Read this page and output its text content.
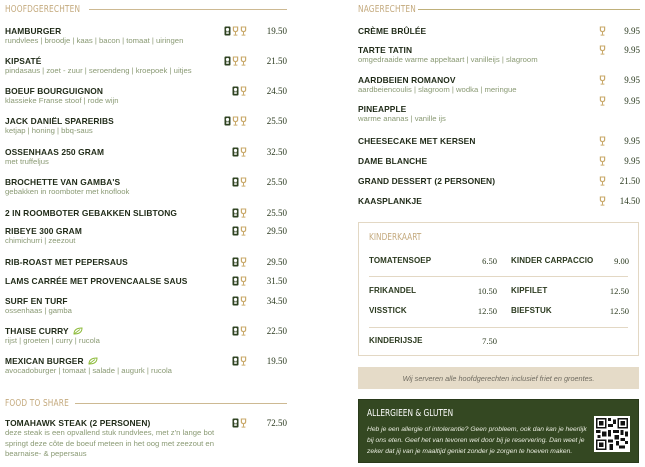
HOOFDGERECHTEN
HAMBURGER
rundvlees | broodje | kaas | bacon | tomaat | uiringen
19.50
KIPSATÉ
pindasaus | zoet - zuur | seroendeng | kroepoek | uitjes
21.50
BOEUF BOURGUIGNON
klassieke Franse stoof | rode wijn
24.50
JACK DANIËL SPARERIBS
ketjap | honing | bbq-saus
25.50
OSSENHAAS 250 GRAM
met truffeljus
32.50
BROCHETTE VAN GAMBA'S
gebakken in roomboter met knoflook
25.50
2 IN ROOMBOTER GEBAKKEN SLIBTONG	25.50
RIBEYE 300 GRAM
chimichurri | zeezout
29.50
RIB-ROAST MET PEPERSAUS	29.50
LAMS CARRÉE MET PROVENCAALSE SAUS	31.50
SURF EN TURF
ossenhaas | gamba
34.50
THAISE CURRY
rijst | groeten | curry | rucola
22.50
MEXICAN BURGER
avocadoburger | tomaat | salade | augurk | rucola
19.50
FOOD TO SHARE
TOMAHAWK STEAK (2 PERSONEN)
deze steak is een opvallend stuk rundvlees, met z'n lange bot springt deze côte de boeuf meteen in het oog met zeezout en bearnaise- & pepersaus
72.50
NAGERECHTEN
CRÈME BRÛLÉE	9.95
TARTE TATIN
omgedraaide warme appeltaart | vanilleijs | slagroom
9.95
AARDBEIEN ROMANOV
aardbeiencoulis | slagroom | wodka | meringue
9.95
PINEAPPLE
warme ananas | vanille ijs
9.95
CHEESECAKE MET KERSEN	9.95
DAME BLANCHE	9.95
GRAND DESSERT (2 PERSONEN)	21.50
KAASPLANKJE	14.50
KINDERKAART
TOMATENSOEP	6.50 KINDER CARPACCIO	9.00
FRIKANDEL	10.50 KIPFILET	12.50
VISSTICK	12.50 BIEFSTUK	12.50
KINDERIJSJE	7.50
Wij serveren alle hoofdgerechten inclusief friet en groentes.
ALLERGIEËN & GLUTEN
Heb je een allergie of intolerantie? Geen probleem, ook dan kan je heerlijk bij ons eten. Geef het van tevoren wel door bij je reservering. Dan weet je zeker dat jij van je maaltijd geniet zonder je zorgen te hoeven maken.
